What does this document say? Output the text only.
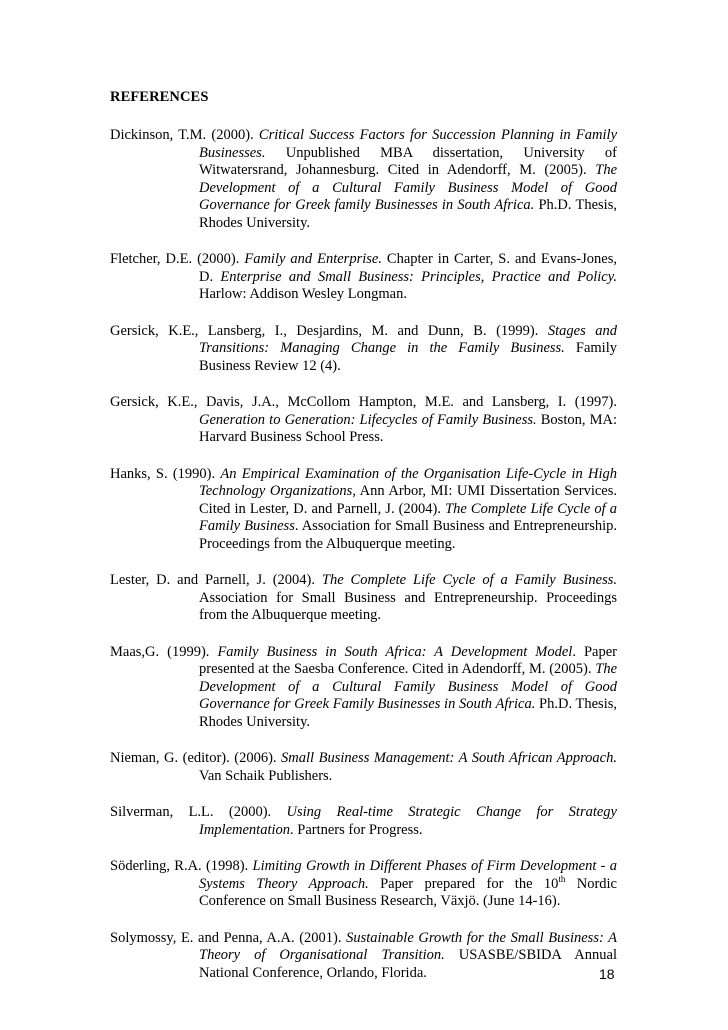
REFERENCES

Dickinson, T.M. (2000). Critical Success Factors for Succession Planning in Family Businesses. Unpublished MBA dissertation, University of Witwatersrand, Johannesburg. Cited in Adendorff, M. (2005). The Development of a Cultural Family Business Model of Good Governance for Greek family Businesses in South Africa. Ph.D. Thesis, Rhodes University.

Fletcher, D.E. (2000). Family and Enterprise. Chapter in Carter, S. and Evans-Jones, D. Enterprise and Small Business: Principles, Practice and Policy. Harlow: Addison Wesley Longman.

Gersick, K.E., Lansberg, I., Desjardins, M. and Dunn, B. (1999). Stages and Transitions: Managing Change in the Family Business. Family Business Review 12 (4).

Gersick, K.E., Davis, J.A., McCollom Hampton, M.E. and Lansberg, I. (1997). Generation to Generation: Lifecycles of Family Business. Boston, MA: Harvard Business School Press.

Hanks, S. (1990). An Empirical Examination of the Organisation Life-Cycle in High Technology Organizations, Ann Arbor, MI: UMI Dissertation Services. Cited in Lester, D. and Parnell, J. (2004). The Complete Life Cycle of a Family Business. Association for Small Business and Entrepreneurship. Proceedings from the Albuquerque meeting.

Lester, D. and Parnell, J. (2004). The Complete Life Cycle of a Family Business. Association for Small Business and Entrepreneurship. Proceedings from the Albuquerque meeting.

Maas,G. (1999). Family Business in South Africa: A Development Model. Paper presented at the Saesba Conference. Cited in Adendorff, M. (2005). The Development of a Cultural Family Business Model of Good Governance for Greek Family Businesses in South Africa. Ph.D. Thesis, Rhodes University.

Nieman, G. (editor). (2006). Small Business Management: A South African Approach. Van Schaik Publishers.

Silverman, L.L. (2000). Using Real-time Strategic Change for Strategy Implementation. Partners for Progress.

Söderling, R.A. (1998). Limiting Growth in Different Phases of Firm Development - a Systems Theory Approach. Paper prepared for the 10th Nordic Conference on Small Business Research, Växjö. (June 14-16).

Solymossy, E. and Penna, A.A. (2001). Sustainable Growth for the Small Business: A Theory of Organisational Transition. USASBE/SBIDA Annual National Conference, Orlando, Florida.	18
